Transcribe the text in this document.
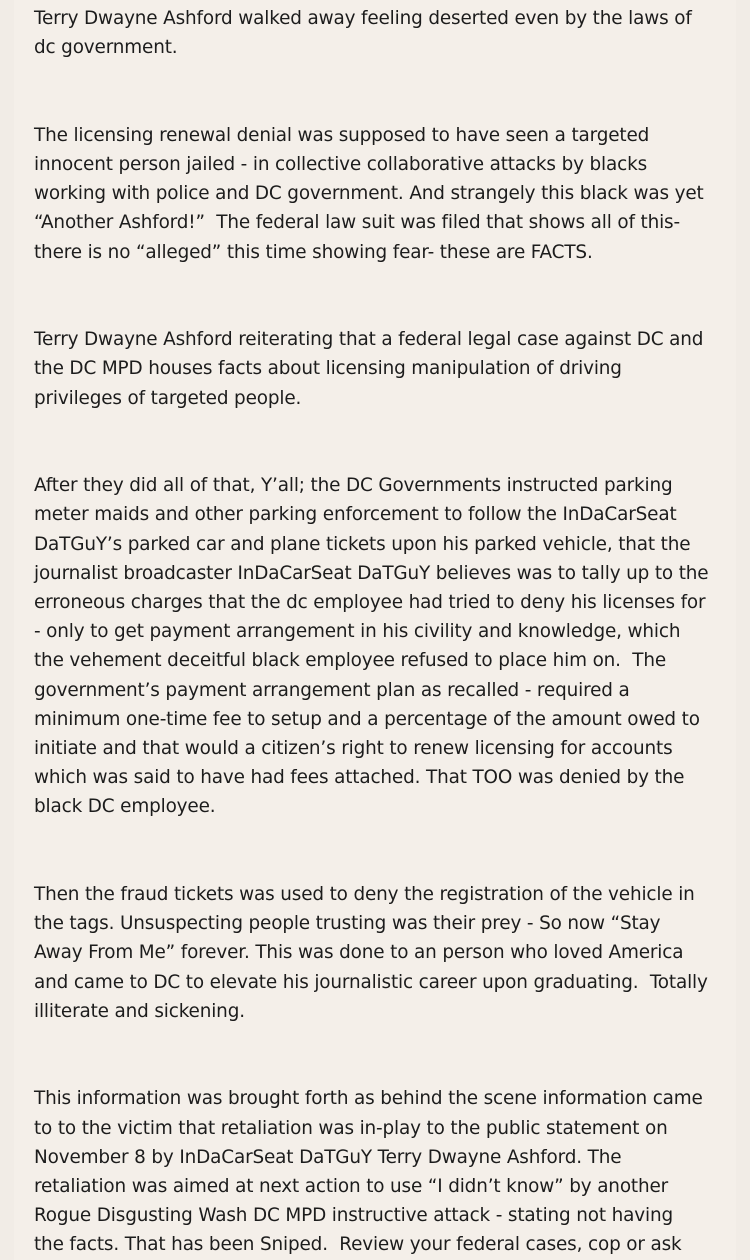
Terry Dwayne Ashford walked away feeling deserted even by the laws of
dc government.

The licensing renewal denial was supposed to have seen a targeted
innocent person jailed - in collective collaborative attacks by blacks
working with police and DC government. And strangely this black was yet
“Another Ashford!”  The federal law suit was filed that shows all of this-
there is no “alleged” this time showing fear- these are FACTS.

Terry Dwayne Ashford reiterating that a federal legal case against DC and
the DC MPD houses facts about licensing manipulation of driving
privileges of targeted people.

After they did all of that, Y’all; the DC Governments instructed parking
meter maids and other parking enforcement to follow the InDaCarSeat
DaTGuY’s parked car and plane tickets upon his parked vehicle, that the
journalist broadcaster InDaCarSeat DaTGuY believes was to tally up to the
erroneous charges that the dc employee had tried to deny his licenses for
- only to get payment arrangement in his civility and knowledge, which
the vehement deceitful black employee refused to place him on.  The
government’s payment arrangement plan as recalled - required a
minimum one-time fee to setup and a percentage of the amount owed to
initiate and that would a citizen’s right to renew licensing for accounts
which was said to have had fees attached. That TOO was denied by the
black DC employee.

Then the fraud tickets was used to deny the registration of the vehicle in
the tags. Unsuspecting people trusting was their prey - So now “Stay
Away From Me” forever. This was done to an person who loved America
and came to DC to elevate his journalistic career upon graduating.  Totally
illiterate and sickening.

This information was brought forth as behind the scene information came
to to the victim that retaliation was in-play to the public statement on
November 8 by InDaCarSeat DaTGuY Terry Dwayne Ashford. The
retaliation was aimed at next action to use “I didn’t know” by another
Rogue Disgusting Wash DC MPD instructive attack - stating not having
the facts. That has been Sniped.  Review your federal cases, cop or ask
